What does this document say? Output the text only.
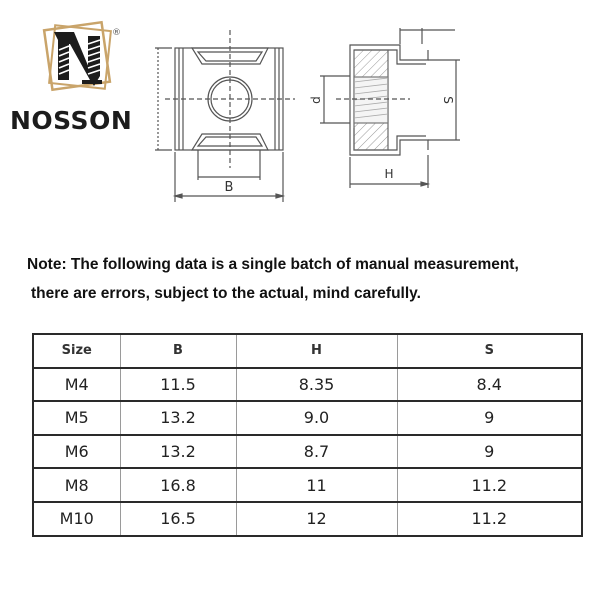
®
NOSSON
B
d	S
H
Note: The following data is a single batch of manual measurement,
there are errors, subject to the actual, mind carefully.
Size	B	H	S
M4	11.5	8.35	8.4
M5	13.2	9.0	9
M6	13.2	8.7	9
M8	16.8	11	11.2
M10	16.5	12	11.2
